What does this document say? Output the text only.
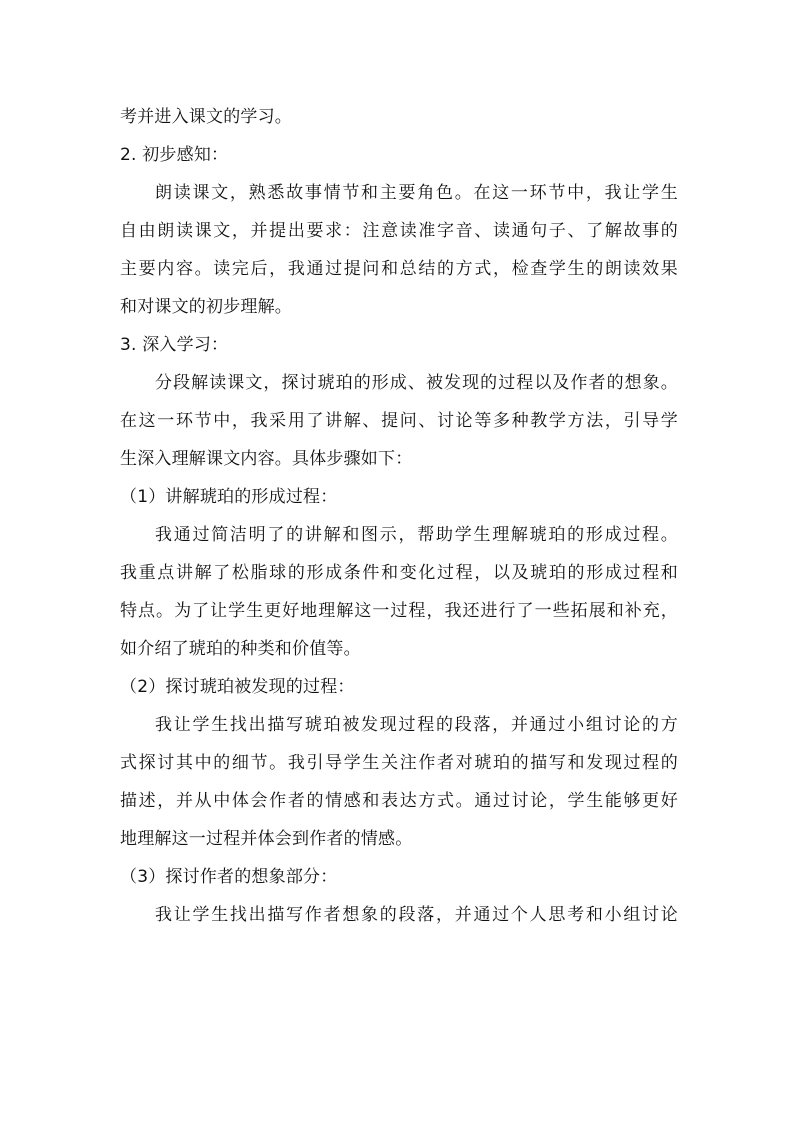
考并进入课文的学习。
2. 初步感知：
朗读课文，熟悉故事情节和主要角色。在这一环节中，我让学生
自由朗读课文，并提出要求：注意读准字音、读通句子、了解故事的
主要内容。读完后，我通过提问和总结的方式，检查学生的朗读效果
和对课文的初步理解。
3. 深入学习：
分段解读课文，探讨琥珀的形成、被发现的过程以及作者的想象。
在这一环节中，我采用了讲解、提问、讨论等多种教学方法，引导学
生深入理解课文内容。具体步骤如下：
（1）讲解琥珀的形成过程：
我通过简洁明了的讲解和图示，帮助学生理解琥珀的形成过程。
我重点讲解了松脂球的形成条件和变化过程，以及琥珀的形成过程和
特点。为了让学生更好地理解这一过程，我还进行了一些拓展和补充，
如介绍了琥珀的种类和价值等。
（2）探讨琥珀被发现的过程：
我让学生找出描写琥珀被发现过程的段落，并通过小组讨论的方
式探讨其中的细节。我引导学生关注作者对琥珀的描写和发现过程的
描述，并从中体会作者的情感和表达方式。通过讨论，学生能够更好
地理解这一过程并体会到作者的情感。
（3）探讨作者的想象部分：
我让学生找出描写作者想象的段落，并通过个人思考和小组讨论
